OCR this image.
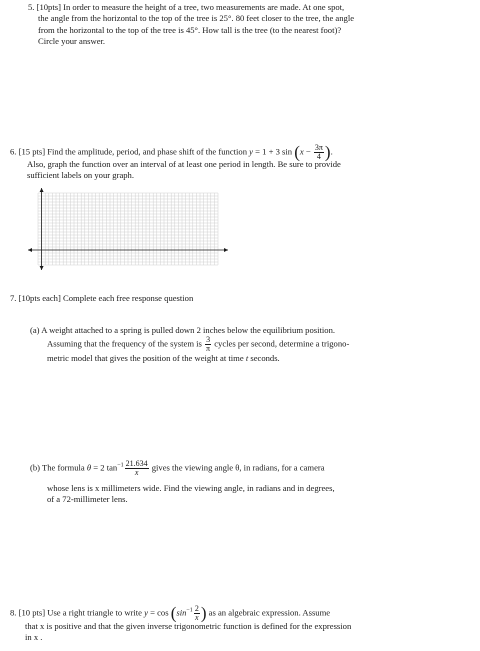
5. [10pts] In order to measure the height of a tree, two measurements are made. At one spot,

the angle from the horizontal to the top of the tree is 25°. 80 feet closer to the tree, the angle

from the horizontal to the top of the tree is 45°. How tall is the tree (to the nearest foot)?

Circle your answer.

6. [15 pts] Find the amplitude, period, and phase shift of the function y = 1 + 3 $\sin (x - \frac{3\pi}{4}$ ).

Also, graph the function over an interval of at least one period in length. Be sure to provide

sufficient labels on your graph.

7. [10pts each] Complete each free response question

(a) A weight attached to a spring is pulled down 2 inches below the equilibrium position.

Assuming that the frequency of the system is $\frac{3}{\pi}$ cycles per second, determine a trigono-

metric model that gives the position of the weight at time t seconds.

(b) The formula θ = 2 $\tan^{-1} \frac{21.634}{x}$ gives the viewing angle θ, in radians, for a camera

whose lens is x millimeters wide. Find the viewing angle, in radians and in degrees,

of a 72-millimeter lens.

8. [10 pts] Use a right triangle to write $y = \cos (\sin^{-1} \frac{2}{x}$ ) as an algebraic expression. Assume

that x is positive and that the given inverse trigonometric function is defined for the expression

in x .
